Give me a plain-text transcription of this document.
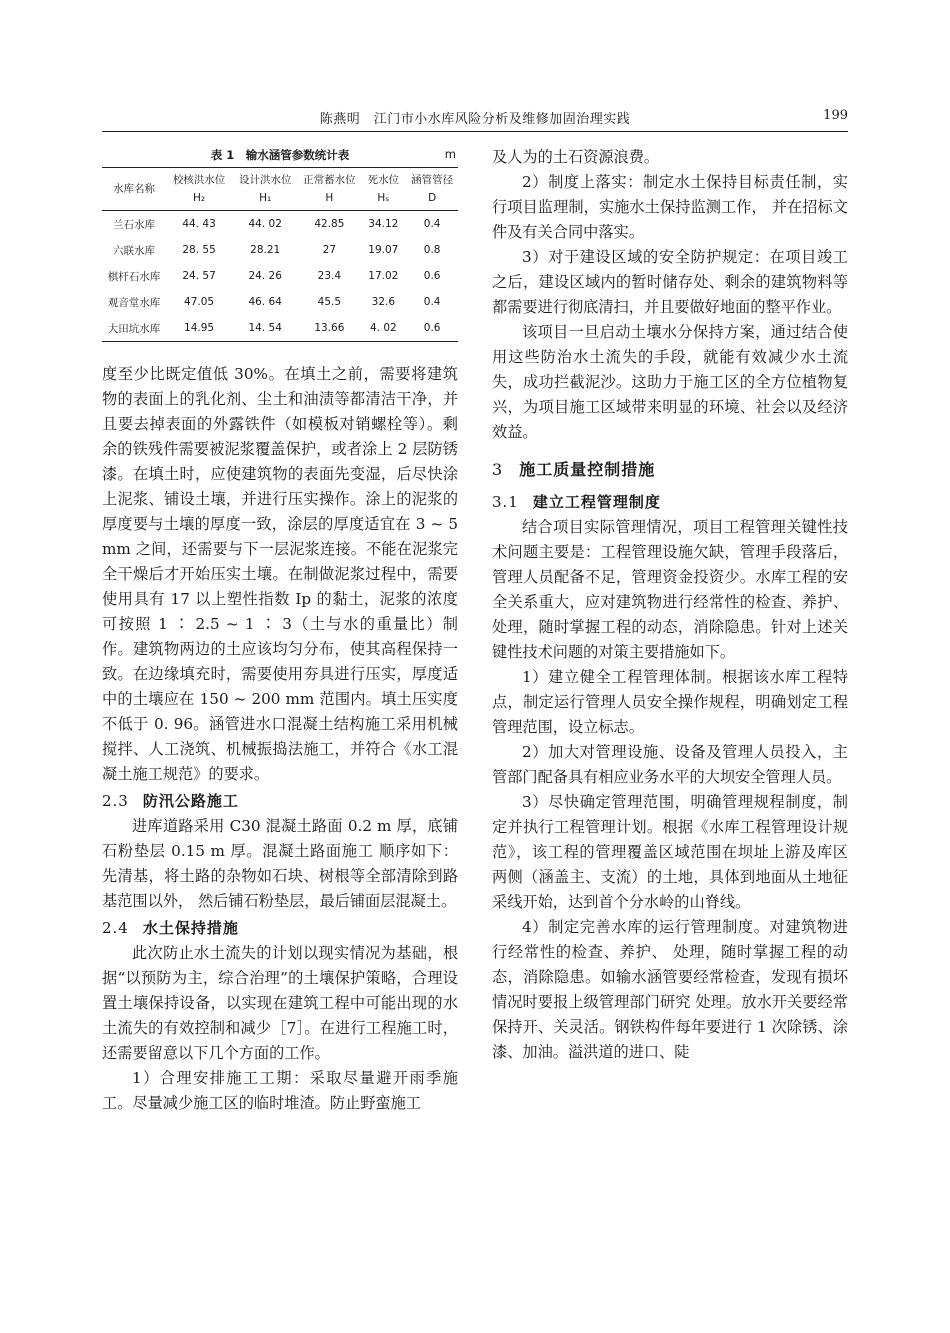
陈燕明　江门市小水库风险分析及维修加固治理实践	199
表 1　输水涵管参数统计表	m
水库名称	校核洪水位 H₂	设计洪水位 H₁	正常蓄水位 H	死水位 Hₛ	涵管管径 D
兰石水库	44. 43	44. 02	42.85	34.12	0.4
六联水库	28. 55	28.21	27	19.07	0.8
棋杆石水库	24. 57	24. 26	23.4	17.02	0.6
观音堂水库	47.05	46. 64	45.5	32.6	0.4
大田坑水库	14.95	14. 54	13.66	4. 02	0.6

度至少比既定值低 30%。在填土之前，需要将建筑物的表面上的乳化剂、尘土和油渍等都清洁干净，并且要去掉表面的外露铁件（如模板对销螺栓等）。剩余的铁残件需要被泥浆覆盖保护，或者涂上 2 层防锈漆。在填土时，应使建筑物的表面先变湿，后尽快涂上泥浆、铺设土壤，并进行压实操作。涂上的泥浆的厚度要与土壤的厚度一致，涂层的厚度适宜在 3 ~ 5 mm 之间，还需要与下一层泥浆连接。不能在泥浆完全干燥后才开始压实土壤。在制做泥浆过程中，需要使用具有 17 以上塑性指数 Ip 的黏土，泥浆的浓度可按照 1 ∶ 2.5 ~ 1 ∶ 3（土与水的重量比）制作。建筑物两边的土应该均匀分布，使其高程保持一致。在边缘填充时，需要使用夯具进行压实，厚度适中的土壤应在 150 ~ 200 mm 范围内。填土压实度不低于 0. 96。涵管进水口混凝土结构施工采用机械搅拌、人工浇筑、机械振捣法施工，并符合《水工混凝土施工规范》的要求。

2.3 防汛公路施工

进库道路采用 C30 混凝土路面 0.2 m 厚，底铺石粉垫层 0.15 m 厚。混凝土路面施工 顺序如下：先清基，将土路的杂物如石块、树根等全部清除到路基范围以外， 然后铺石粉垫层，最后铺面层混凝土。

2.4 水土保持措施

此次防止水土流失的计划以现实情况为基础，根据“以预防为主，综合治理”的土壤保护策略，合理设置土壤保持设备，以实现在建筑工程中可能出现的水土流失的有效控制和减少［7］。在进行工程施工时，还需要留意以下几个方面的工作。

1）合理安排施工工期：采取尽量避开雨季施工。尽量减少施工区的临时堆渣。防止野蛮施工

及人为的土石资源浪费。

2）制度上落实：制定水土保持目标责任制，实行项目监理制，实施水土保持监测工作， 并在招标文件及有关合同中落实。

3）对于建设区域的安全防护规定：在项目竣工之后，建设区域内的暂时储存处、剩余的建筑物料等都需要进行彻底清扫，并且要做好地面的整平作业。

该项目一旦启动土壤水分保持方案，通过结合使用这些防治水土流失的手段，就能有效减少水土流失，成功拦截泥沙。这助力于施工区的全方位植物复兴，为项目施工区域带来明显的环境、社会以及经济效益。

3 施工质量控制措施
3.1 建立工程管理制度

结合项目实际管理情况，项目工程管理关键性技术问题主要是：工程管理设施欠缺，管理手段落后，管理人员配备不足，管理资金投资少。水库工程的安全关系重大，应对建筑物进行经常性的检查、养护、 处理，随时掌握工程的动态，消除隐患。针对上述关键性技术问题的对策主要措施如下。

1）建立健全工程管理体制。根据该水库工程特点，制定运行管理人员安全操作规程，明确划定工程管理范围，设立标志。

2）加大对管理设施、设备及管理人员投入，主管部门配备具有相应业务水平的大坝安全管理人员。

3）尽快确定管理范围，明确管理规程制度，制定并执行工程管理计划。根据《水库工程管理设计规范》，该工程的管理覆盖区域范围在坝址上游及库区两侧（涵盖主、支流）的土地，具体到地面从土地征采线开始，达到首个分水岭的山脊线。

4）制定完善水库的运行管理制度。对建筑物进行经常性的检查、养护、 处理，随时掌握工程的动态，消除隐患。如输水涵管要经常检查，发现有损坏情况时要报上级管理部门研究 处理。放水开关要经常保持开、关灵活。钢铁构件每年要进行 1 次除锈、涂 漆、加油。溢洪道的进口、陡
